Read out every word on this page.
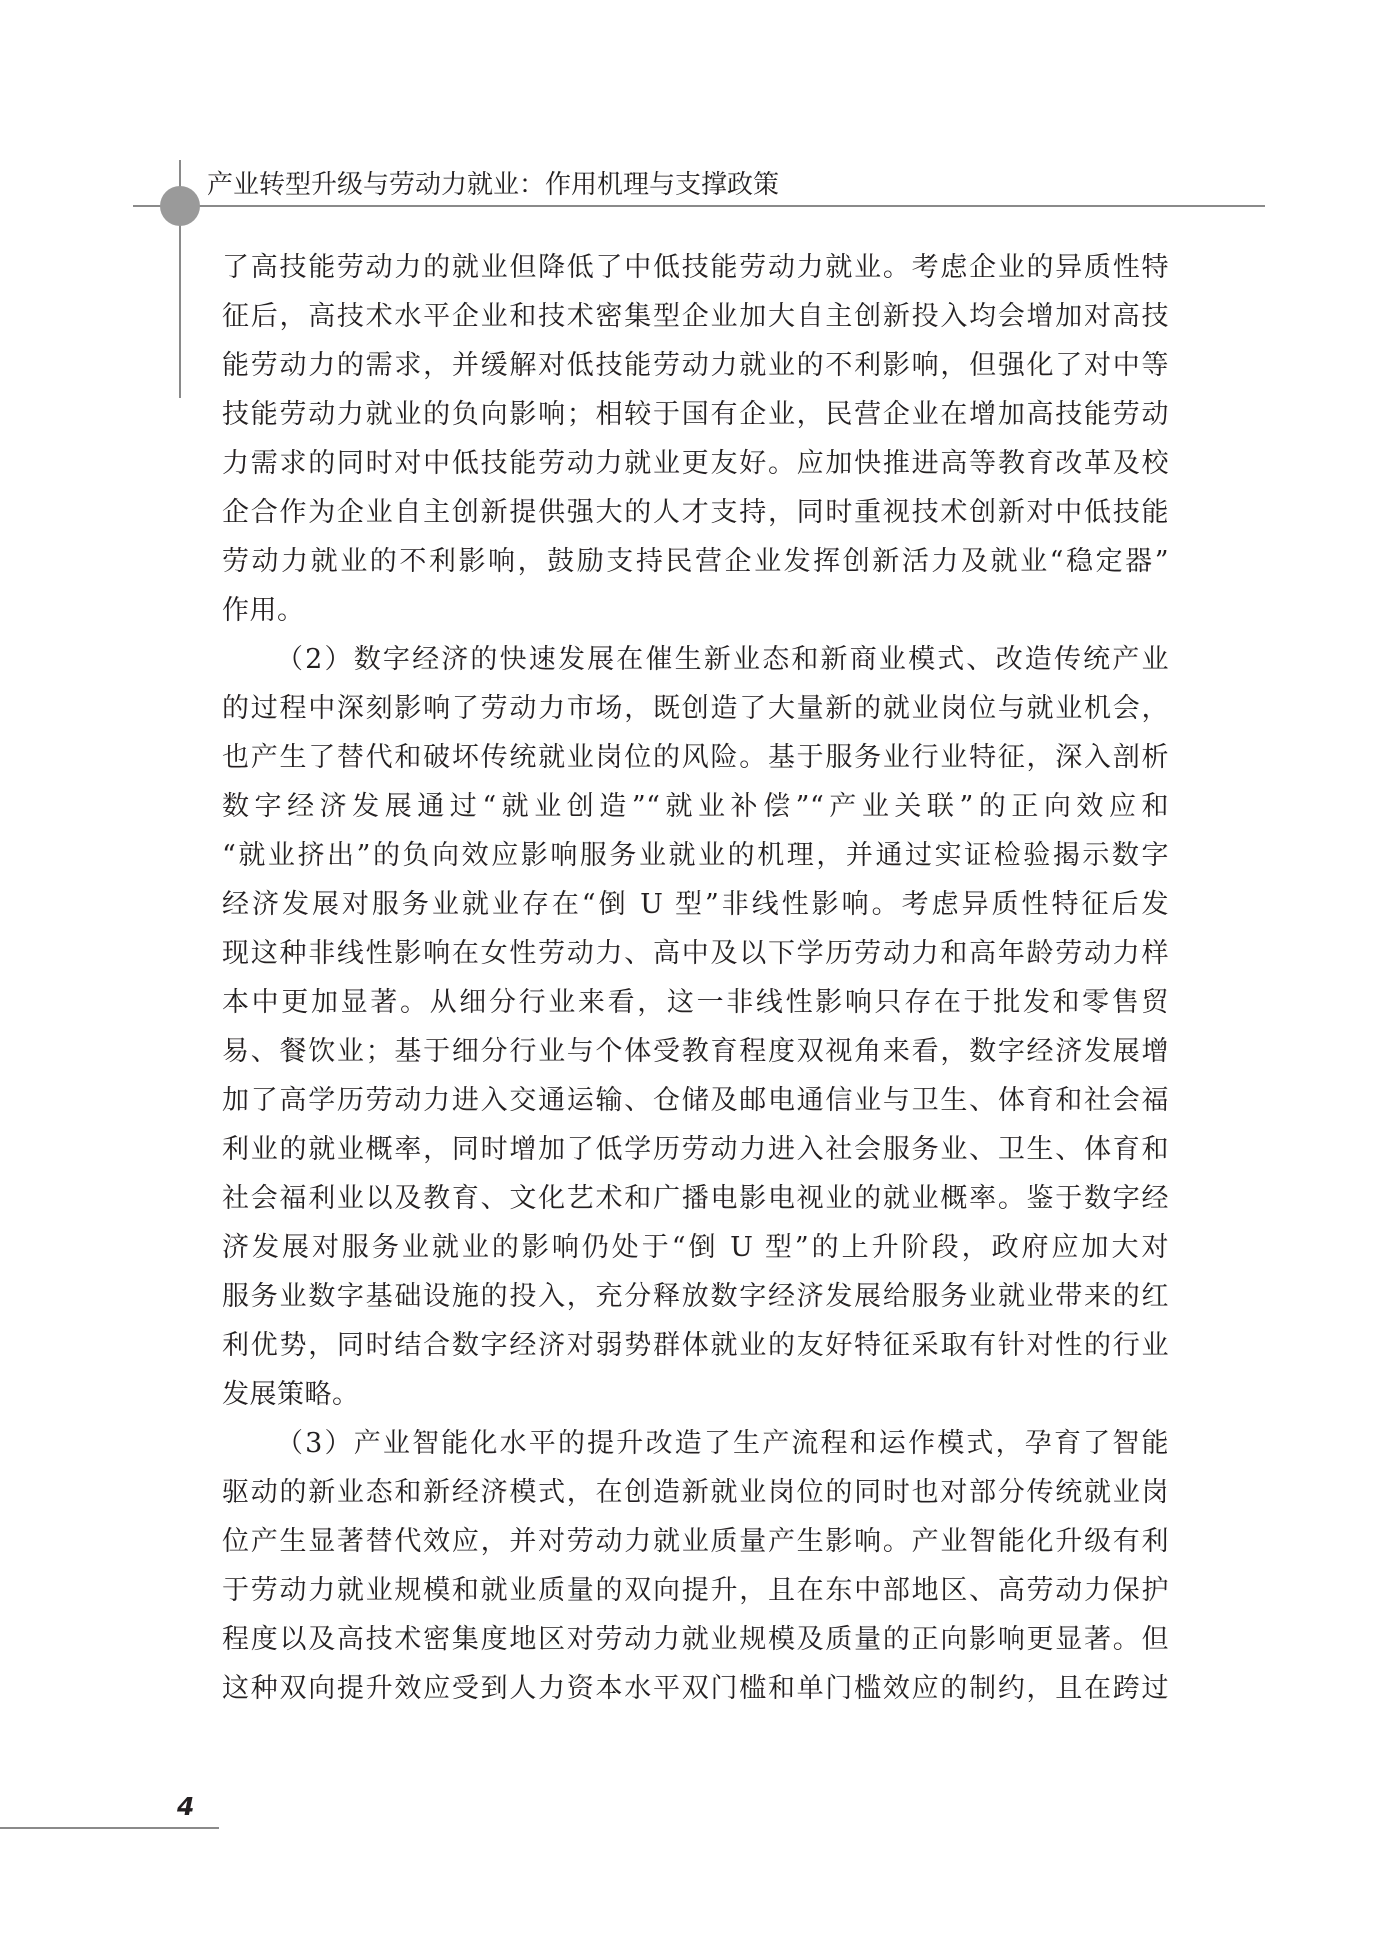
产业转型升级与劳动力就业：作用机理与支撑政策
了高技能劳动力的就业但降低了中低技能劳动力就业。考虑企业的异质性特
征后，高技术水平企业和技术密集型企业加大自主创新投入均会增加对高技
能劳动力的需求，并缓解对低技能劳动力就业的不利影响，但强化了对中等
技能劳动力就业的负向影响；相较于国有企业，民营企业在增加高技能劳动
力需求的同时对中低技能劳动力就业更友好。应加快推进高等教育改革及校
企合作为企业自主创新提供强大的人才支持，同时重视技术创新对中低技能
劳动力就业的不利影响，鼓励支持民营企业发挥创新活力及就业“稳定器”
作用。
（2）数字经济的快速发展在催生新业态和新商业模式、改造传统产业
的过程中深刻影响了劳动力市场，既创造了大量新的就业岗位与就业机会，
也产生了替代和破坏传统就业岗位的风险。基于服务业行业特征，深入剖析
数字经济发展通过“就业创造”“就业补偿”“产业关联”的正向效应和
“就业挤出”的负向效应影响服务业就业的机理，并通过实证检验揭示数字
经济发展对服务业就业存在“倒 U 型”非线性影响。考虑异质性特征后发
现这种非线性影响在女性劳动力、高中及以下学历劳动力和高年龄劳动力样
本中更加显著。从细分行业来看，这一非线性影响只存在于批发和零售贸
易、餐饮业；基于细分行业与个体受教育程度双视角来看，数字经济发展增
加了高学历劳动力进入交通运输、仓储及邮电通信业与卫生、体育和社会福
利业的就业概率，同时增加了低学历劳动力进入社会服务业、卫生、体育和
社会福利业以及教育、文化艺术和广播电影电视业的就业概率。鉴于数字经
济发展对服务业就业的影响仍处于“倒 U 型”的上升阶段，政府应加大对
服务业数字基础设施的投入，充分释放数字经济发展给服务业就业带来的红
利优势，同时结合数字经济对弱势群体就业的友好特征采取有针对性的行业
发展策略。
（3）产业智能化水平的提升改造了生产流程和运作模式，孕育了智能
驱动的新业态和新经济模式，在创造新就业岗位的同时也对部分传统就业岗
位产生显著替代效应，并对劳动力就业质量产生影响。产业智能化升级有利
于劳动力就业规模和就业质量的双向提升，且在东中部地区、高劳动力保护
程度以及高技术密集度地区对劳动力就业规模及质量的正向影响更显著。但
这种双向提升效应受到人力资本水平双门槛和单门槛效应的制约，且在跨过
4
